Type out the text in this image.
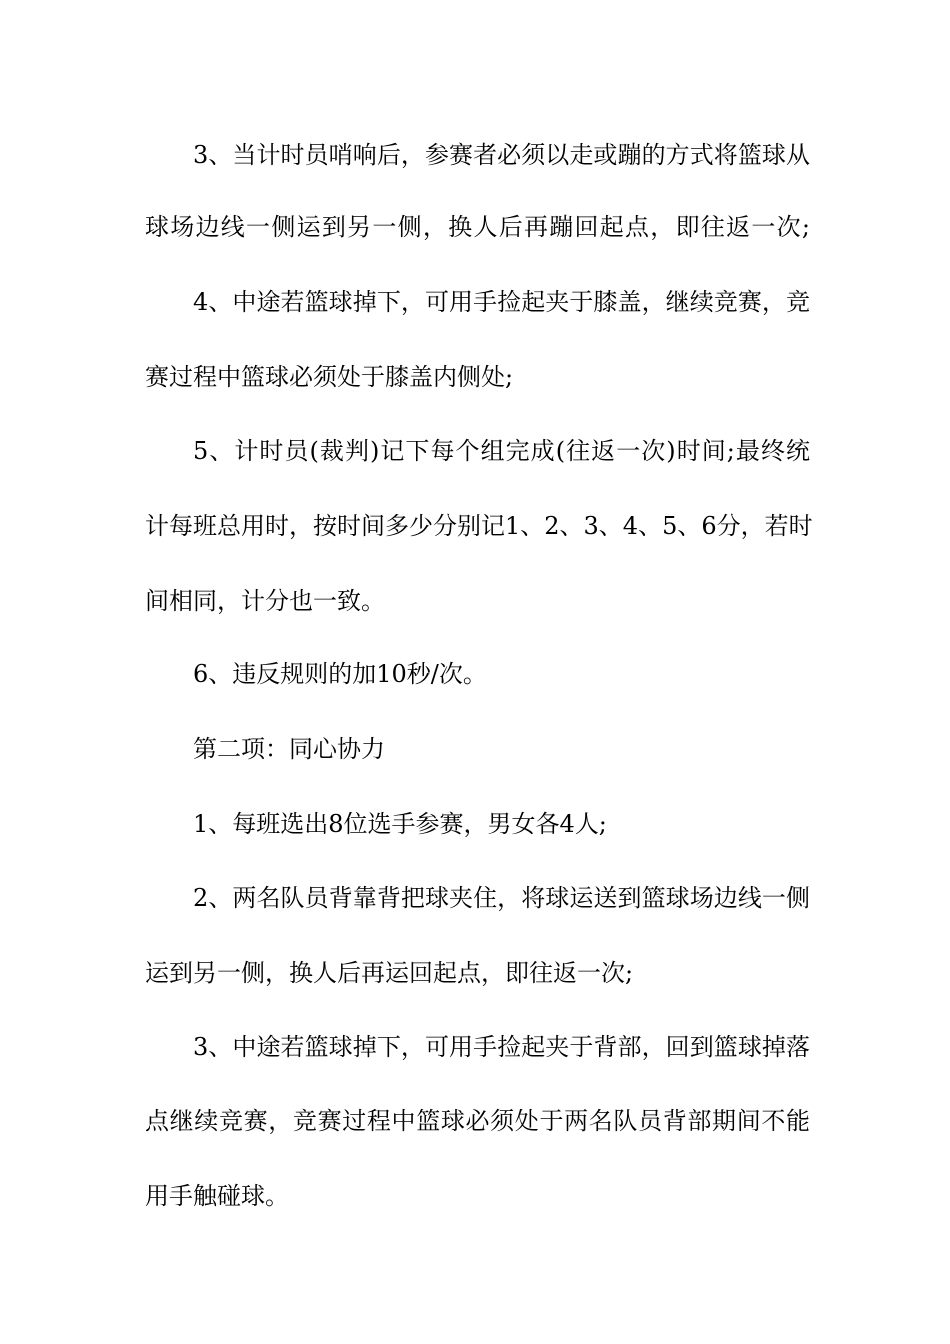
3、当计时员哨响后，参赛者必须以走或蹦的方式将篮球从
球场边线一侧运到另一侧，换人后再蹦回起点，即往返一次;
4、中途若篮球掉下，可用手捡起夹于膝盖，继续竞赛，竞
赛过程中篮球必须处于膝盖内侧处;
5、计时员(裁判)记下每个组完成(往返一次)时间;最终统
计每班总用时，按时间多少分别记1、2、3、4、5、6分，若时
间相同，计分也一致。
6、违反规则的加10秒/次。
第二项：同心协力
1、每班选出8位选手参赛，男女各4人;
2、两名队员背靠背把球夹住，将球运送到篮球场边线一侧
运到另一侧，换人后再运回起点，即往返一次;
3、中途若篮球掉下，可用手捡起夹于背部，回到篮球掉落
点继续竞赛，竞赛过程中篮球必须处于两名队员背部期间不能
用手触碰球。
